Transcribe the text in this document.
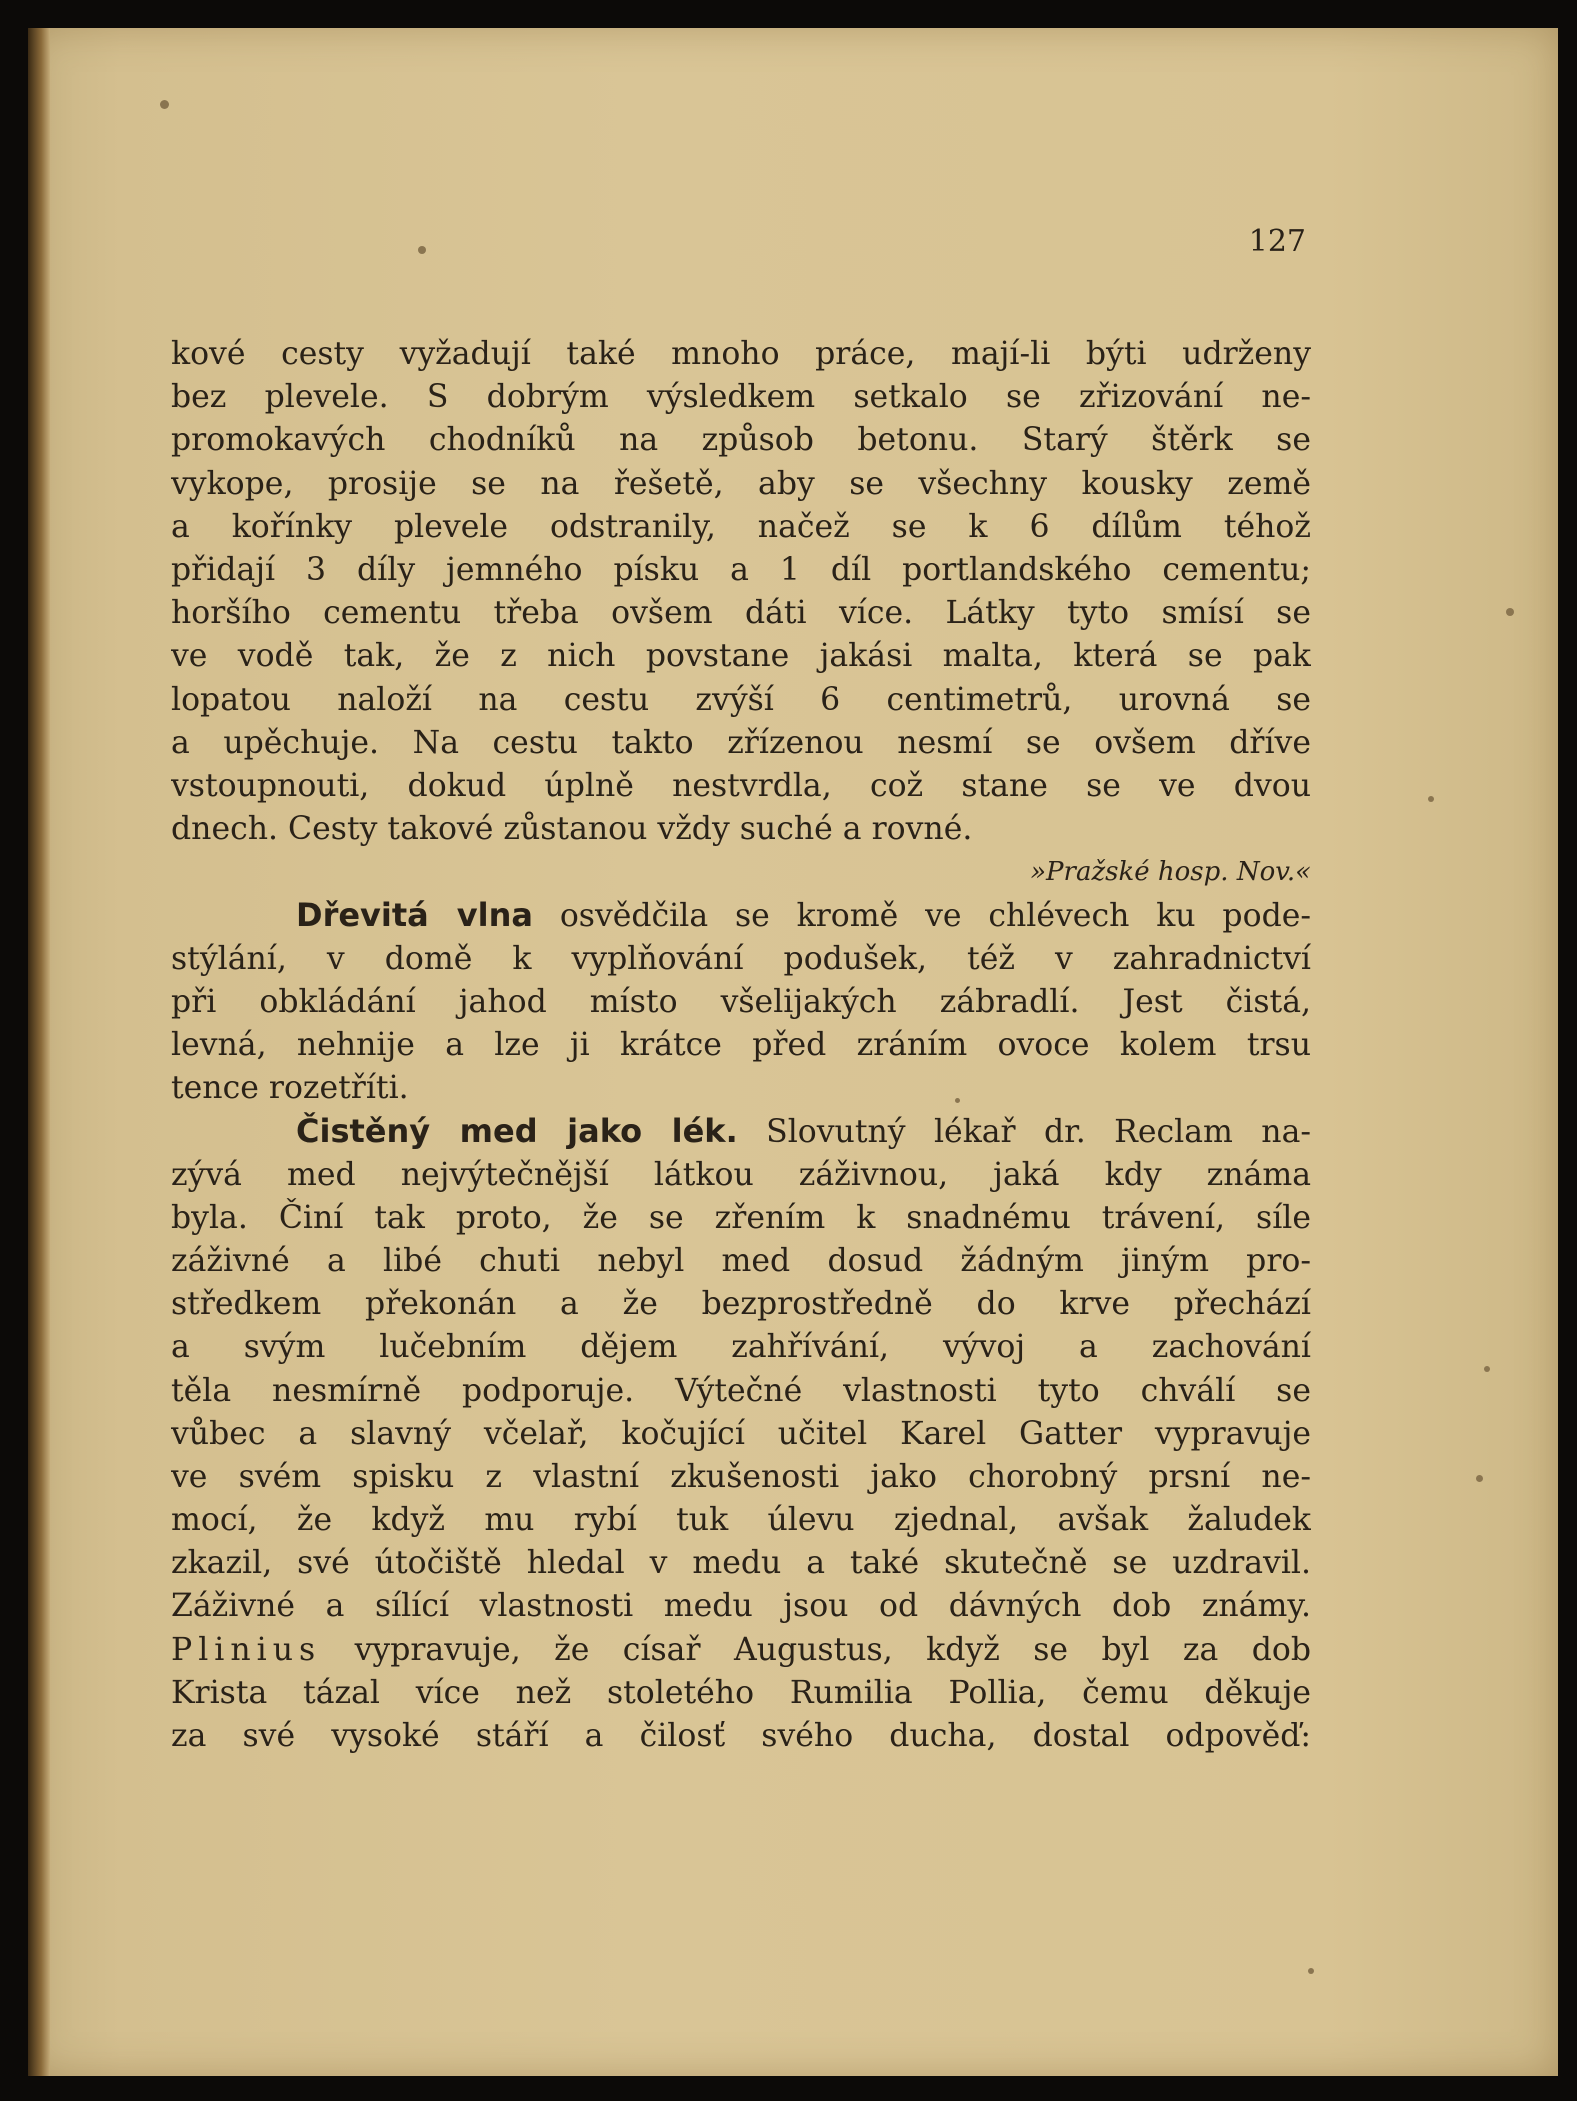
127
kové cesty vyžadují také mnoho práce, mají-li býti udrženy
bez plevele. S dobrým výsledkem setkalo se zřizování ne-
promokavých chodníků na způsob betonu. Starý štěrk se
vykope, prosije se na řešetě, aby se všechny kousky země
a kořínky plevele odstranily, načež se k 6 dílům téhož
přidají 3 díly jemného písku a 1 díl portlandského cementu;
horšího cementu třeba ovšem dáti více. Látky tyto smísí se
ve vodě tak, že z nich povstane jakási malta, která se pak
lopatou naloží na cestu zvýší 6 centimetrů, urovná se
a upěchuje. Na cestu takto zřízenou nesmí se ovšem dříve
vstoupnouti, dokud úplně nestvrdla, což stane se ve dvou
dnech. Cesty takové zůstanou vždy suché a rovné.
»Pražské hosp. Nov.«
Dřevitá vlna osvědčila se kromě ve chlévech ku pode-
stýlání, v domě k vyplňování podušek, též v zahradnictví
při obkládání jahod místo všelijakých zábradlí. Jest čistá,
levná, nehnije a lze ji krátce před zráním ovoce kolem trsu
tence rozetříti.
Čistěný med jako lék. Slovutný lékař dr. Reclam na-
zývá med nejvýtečnější látkou záživnou, jaká kdy známa
byla. Činí tak proto, že se zřením k snadnému trávení, síle
záživné a libé chuti nebyl med dosud žádným jiným pro-
středkem překonán a že bezprostředně do krve přechází
a svým lučebním dějem zahřívání, vývoj a zachování
těla nesmírně podporuje. Výtečné vlastnosti tyto chválí se
vůbec a slavný včelař, kočující učitel Karel Gatter vypravuje
ve svém spisku z vlastní zkušenosti jako chorobný prsní ne-
mocí, že když mu rybí tuk úlevu zjednal, avšak žaludek
zkazil, své útočiště hledal v medu a také skutečně se uzdravil.
Záživné a sílící vlastnosti medu jsou od dávných dob známy.
Plinius vypravuje, že císař Augustus, když se byl za dob
Krista tázal více než stoletého Rumilia Pollia, čemu děkuje
za své vysoké stáří a čilosť svého ducha, dostal odpověď:
